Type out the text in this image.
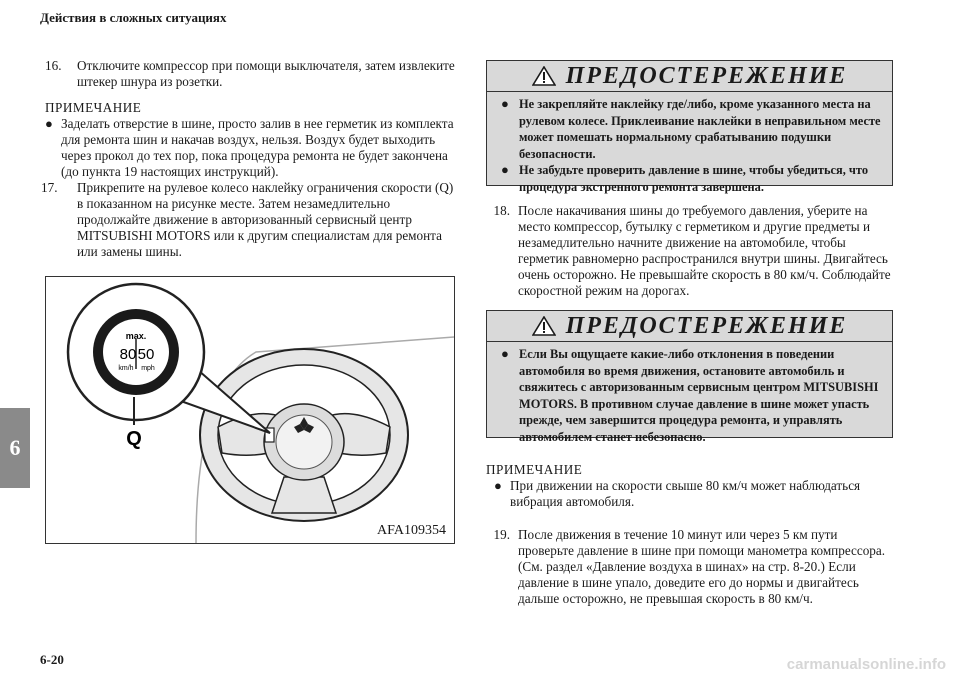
Действия в сложных ситуациях
6
6-20
16.	Отключите компрессор при помощи выключателя, затем извлеките штекер шнура из розетки.
ПРИМЕЧАНИЕ
● Заделать отверстие в шине, просто залив в нее герметик из комплекта для ремонта шин и накачав воздух, нельзя. Воздух будет выходить через прокол до тех пор, пока процедура ремонта не будет закончена (до пункта 19 настоящих инструкций).
17.	Прикрепите на рулевое колесо наклейку ограничения скорости (Q) в показанном на рисунке месте. Затем незамедлительно продолжайте движение в авторизованный сервисный центр MITSUBISHI MOTORS или к другим специалистам для ремонта или замены шины.
max.
80 50
km/h mph
Q
AFA109354
ПРЕДОСТЕРЕЖЕНИЕ
● Не закрепляйте наклейку где/либо, кроме указанного места на рулевом колесе. Приклеивание наклейки в неправильном месте может помешать нормальному срабатыванию подушки безопасности.
● Не забудьте проверить давление в шине, чтобы убедиться, что процедура экстренного ремонта завершена.
18. После накачивания шины до требуемого давления, уберите на место компрессор, бутылку с герметиком и другие предметы и незамедлительно начните движение на автомобиле, чтобы герметик равномерно распространился внутри шины. Двигайтесь очень осторожно. Не превышайте скорость в 80 км/ч. Соблюдайте скоростной режим на дорогах.
ПРЕДОСТЕРЕЖЕНИЕ
● Если Вы ощущаете какие-либо отклонения в поведении автомобиля во время движения, остановите автомобиль и свяжитесь с авторизованным сервисным центром MITSUBISHI MOTORS. В противном случае давление в шине может упасть прежде, чем завершится процедура ремонта, и управлять автомобилем станет небезопасно.
ПРИМЕЧАНИЕ
● При движении на скорости свыше 80 км/ч может наблюдаться вибрация автомобиля.
19. После движения в течение 10 минут или через 5 км пути проверьте давление в шине при помощи манометра компрессора. (См. раздел «Давление воздуха в шинах» на стр. 8-20.) Если давление в шине упало, доведите его до нормы и двигайтесь дальше осторожно, не превышая скорость в 80 км/ч.
carmanualsonline.info
